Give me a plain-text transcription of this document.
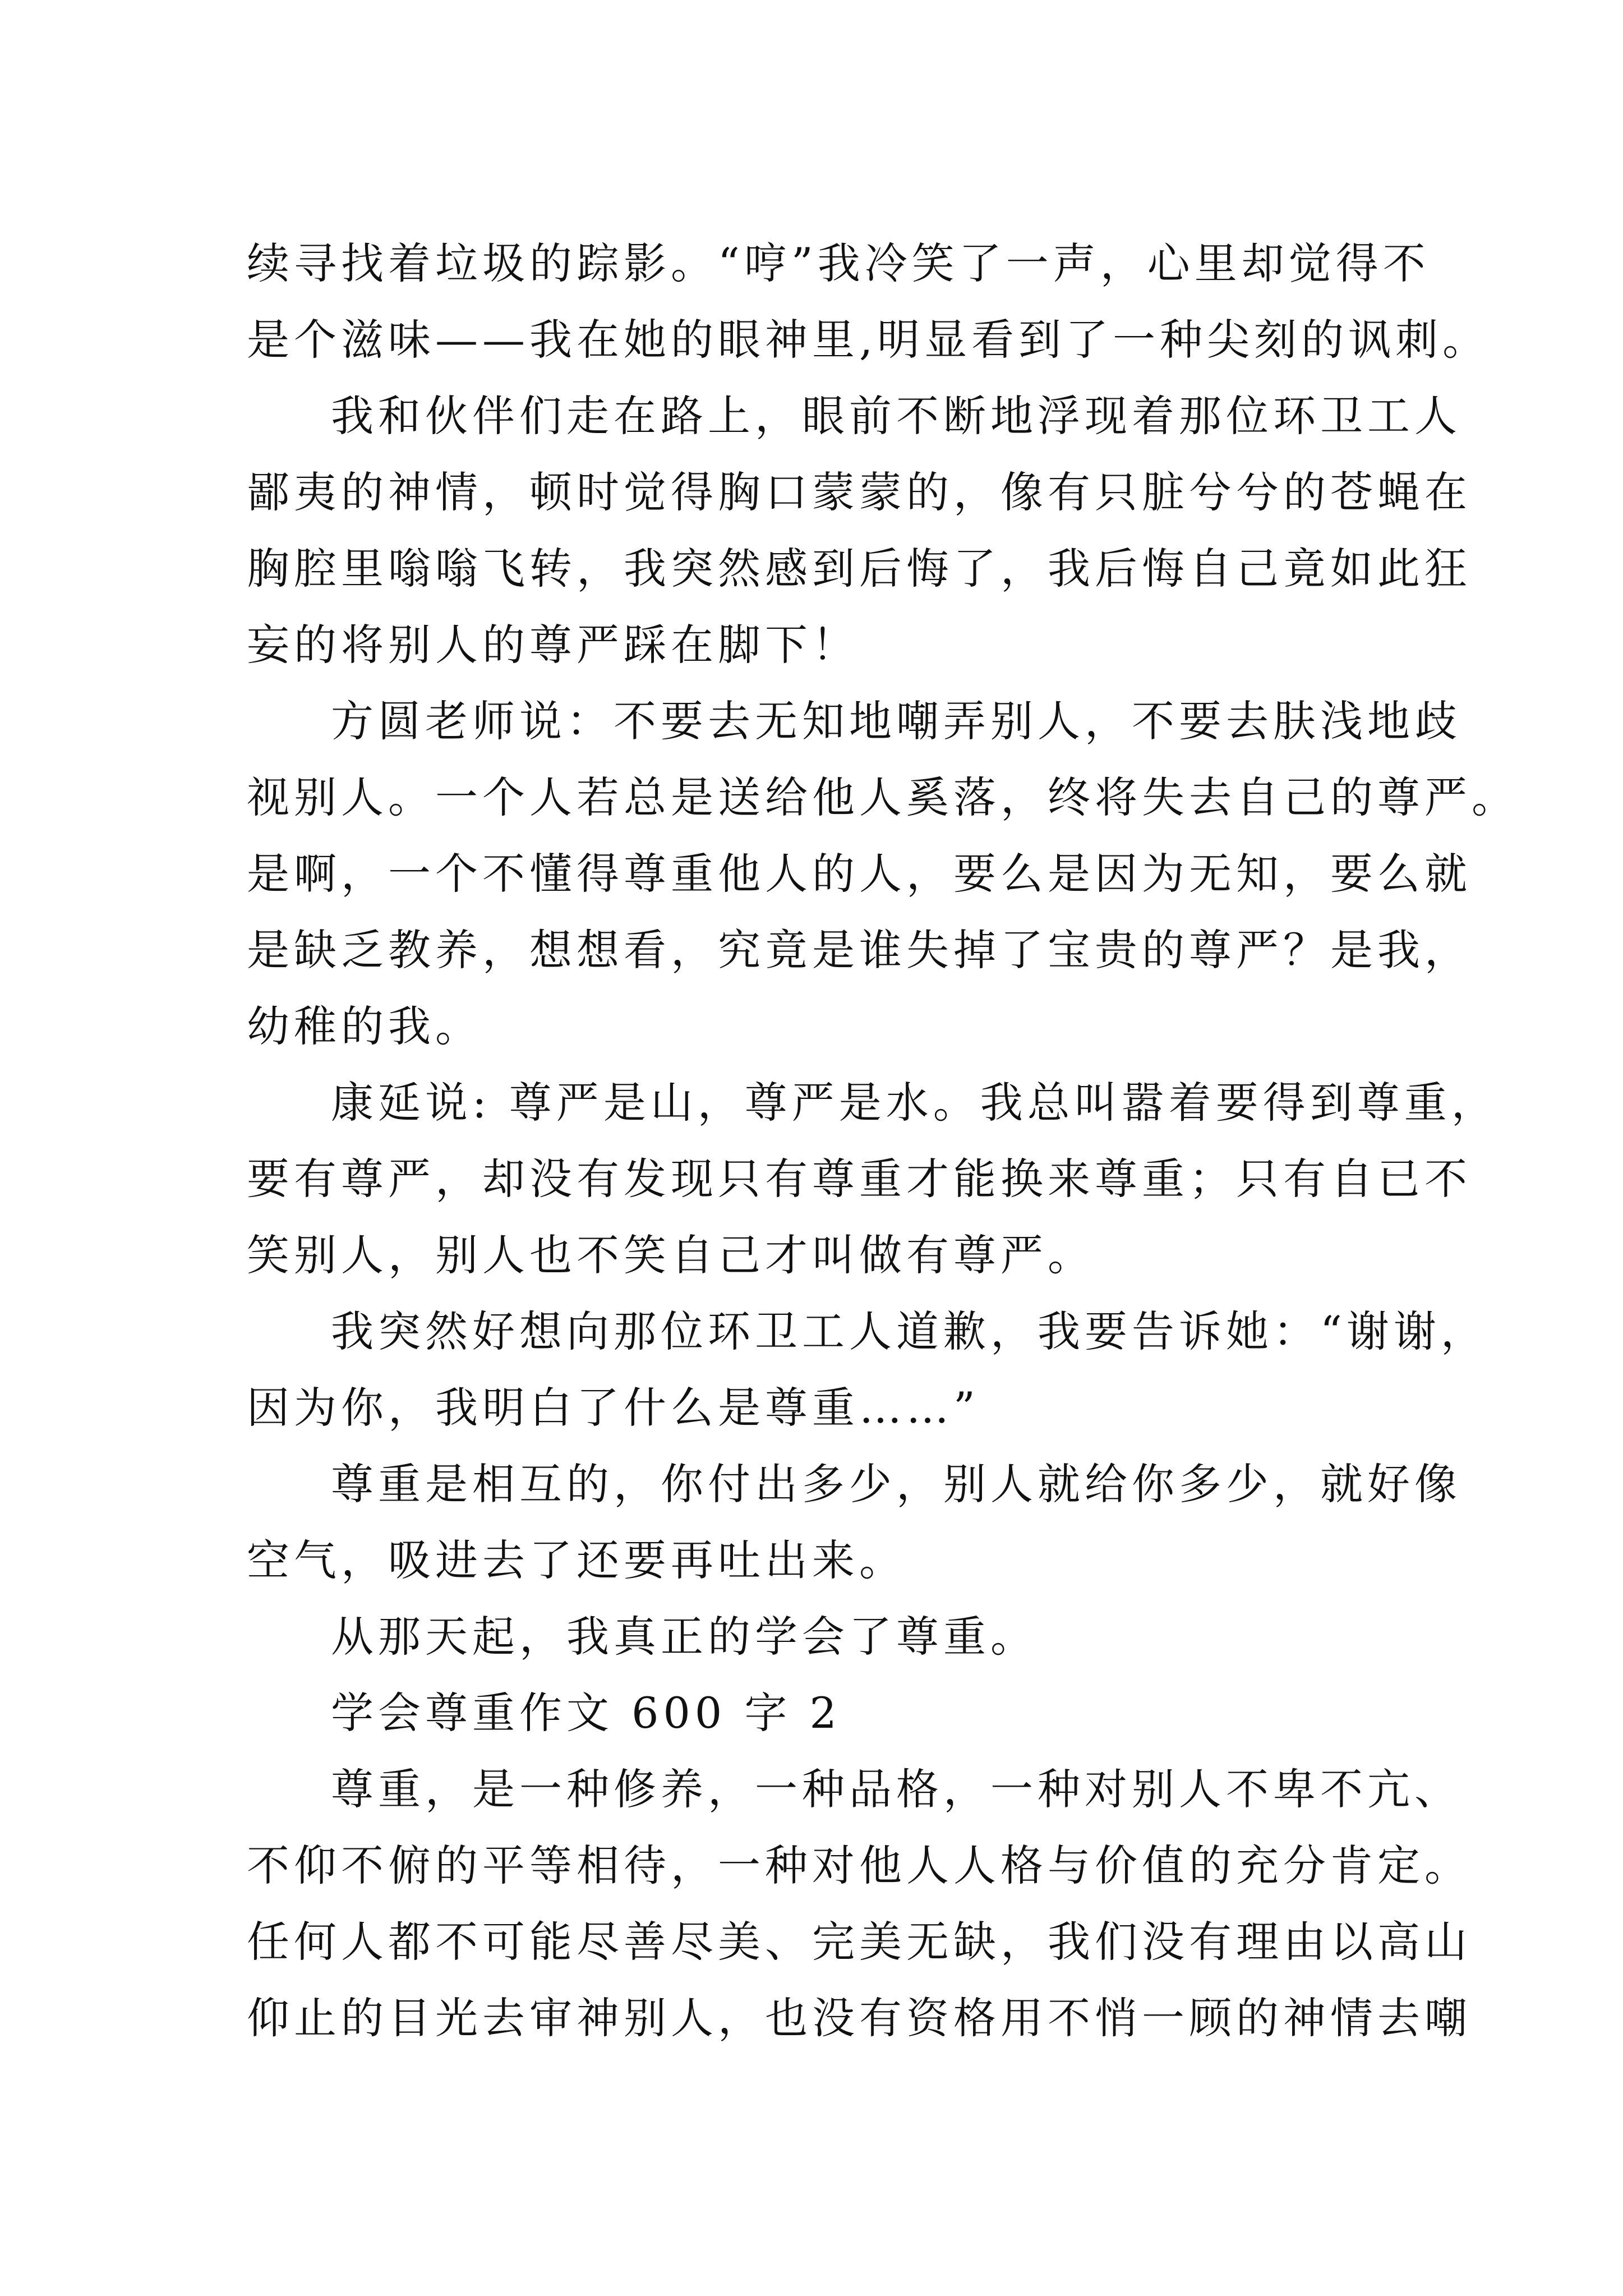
续寻找着垃圾的踪影。“哼”我冷笑了一声，心里却觉得不
是个滋味——我在她的眼神里,明显看到了一种尖刻的讽刺。
我和伙伴们走在路上，眼前不断地浮现着那位环卫工人
鄙夷的神情，顿时觉得胸口蒙蒙的，像有只脏兮兮的苍蝇在
胸腔里嗡嗡飞转，我突然感到后悔了，我后悔自己竟如此狂
妄的将别人的尊严踩在脚下！
方圆老师说：不要去无知地嘲弄别人，不要去肤浅地歧
视别人。一个人若总是送给他人奚落，终将失去自己的尊严。
是啊，一个不懂得尊重他人的人，要么是因为无知，要么就
是缺乏教养，想想看，究竟是谁失掉了宝贵的尊严？是我，
幼稚的我。
康延说: 尊严是山，尊严是水。我总叫嚣着要得到尊重，
要有尊严，却没有发现只有尊重才能换来尊重；只有自已不
笑别人，别人也不笑自己才叫做有尊严。
我突然好想向那位环卫工人道歉，我要告诉她：“谢谢，
因为你，我明白了什么是尊重……”
尊重是相互的，你付出多少，别人就给你多少，就好像
空气，吸进去了还要再吐出来。
从那天起，我真正的学会了尊重。
学会尊重作文 600 字 2
尊重，是一种修养，一种品格，一种对别人不卑不亢、
不仰不俯的平等相待，一种对他人人格与价值的充分肯定。
任何人都不可能尽善尽美、完美无缺，我们没有理由以高山
仰止的目光去审神别人，也没有资格用不悄一顾的神情去嘲
